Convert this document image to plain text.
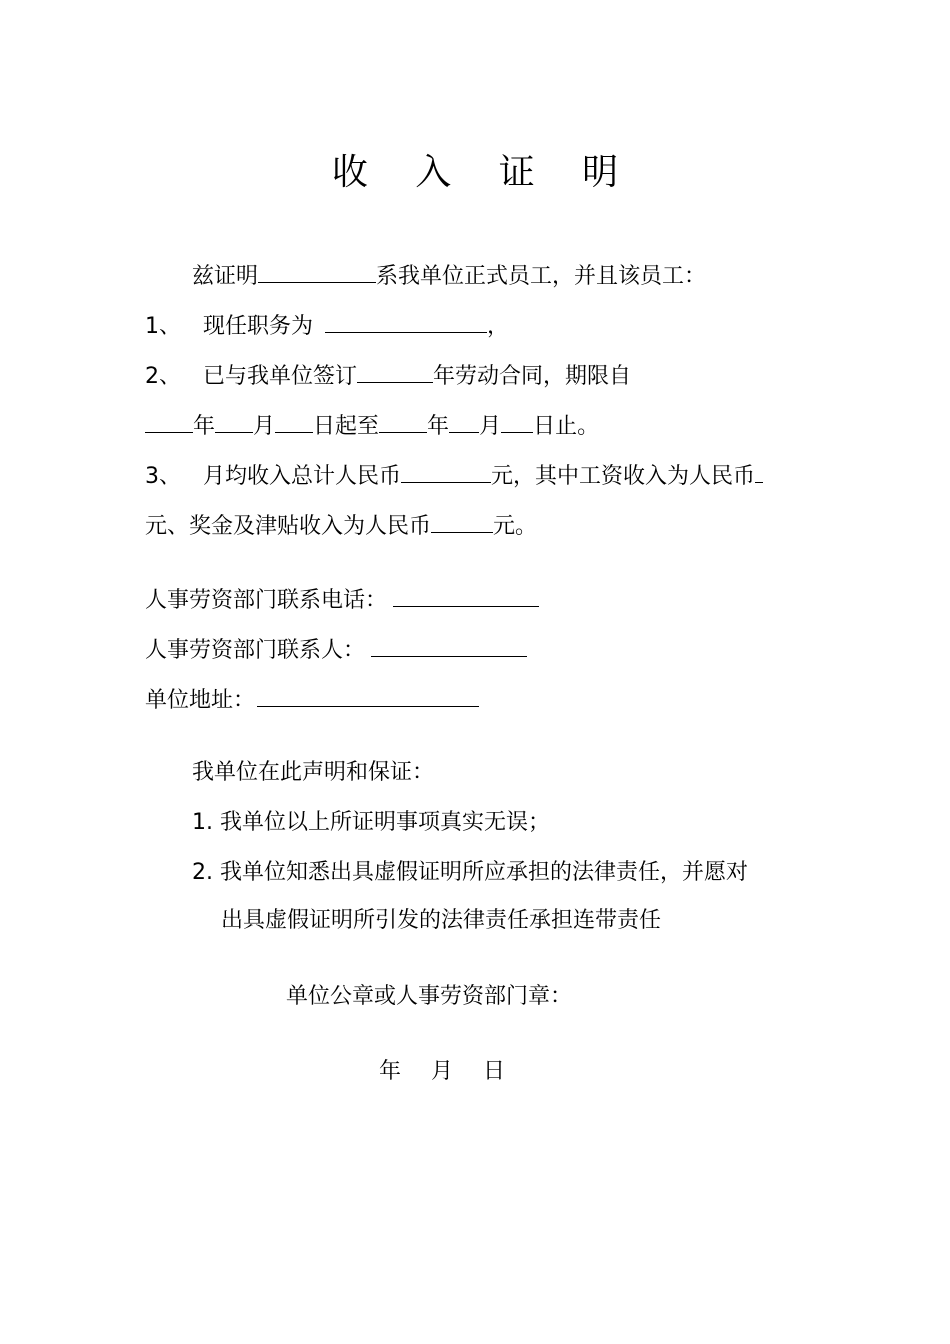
收 入 证 明
兹证明	系我单位正式员工，并且该员工：
1、 现任职务为	，
2、 已与我单位签订	年劳动合同，期限自
年 月 日起至 年 月 日止。
3、 月均收入总计人民币	元，其中工资收入为人民币
元、奖金及津贴收入为人民币	元。
人事劳资部门联系电话：
人事劳资部门联系人：
单位地址：
我单位在此声明和保证：
1. 我单位以上所证明事项真实无误；
2. 我单位知悉出具虚假证明所应承担的法律责任，并愿对
出具虚假证明所引发的法律责任承担连带责任
单位公章或人事劳资部门章：
年 月 日
